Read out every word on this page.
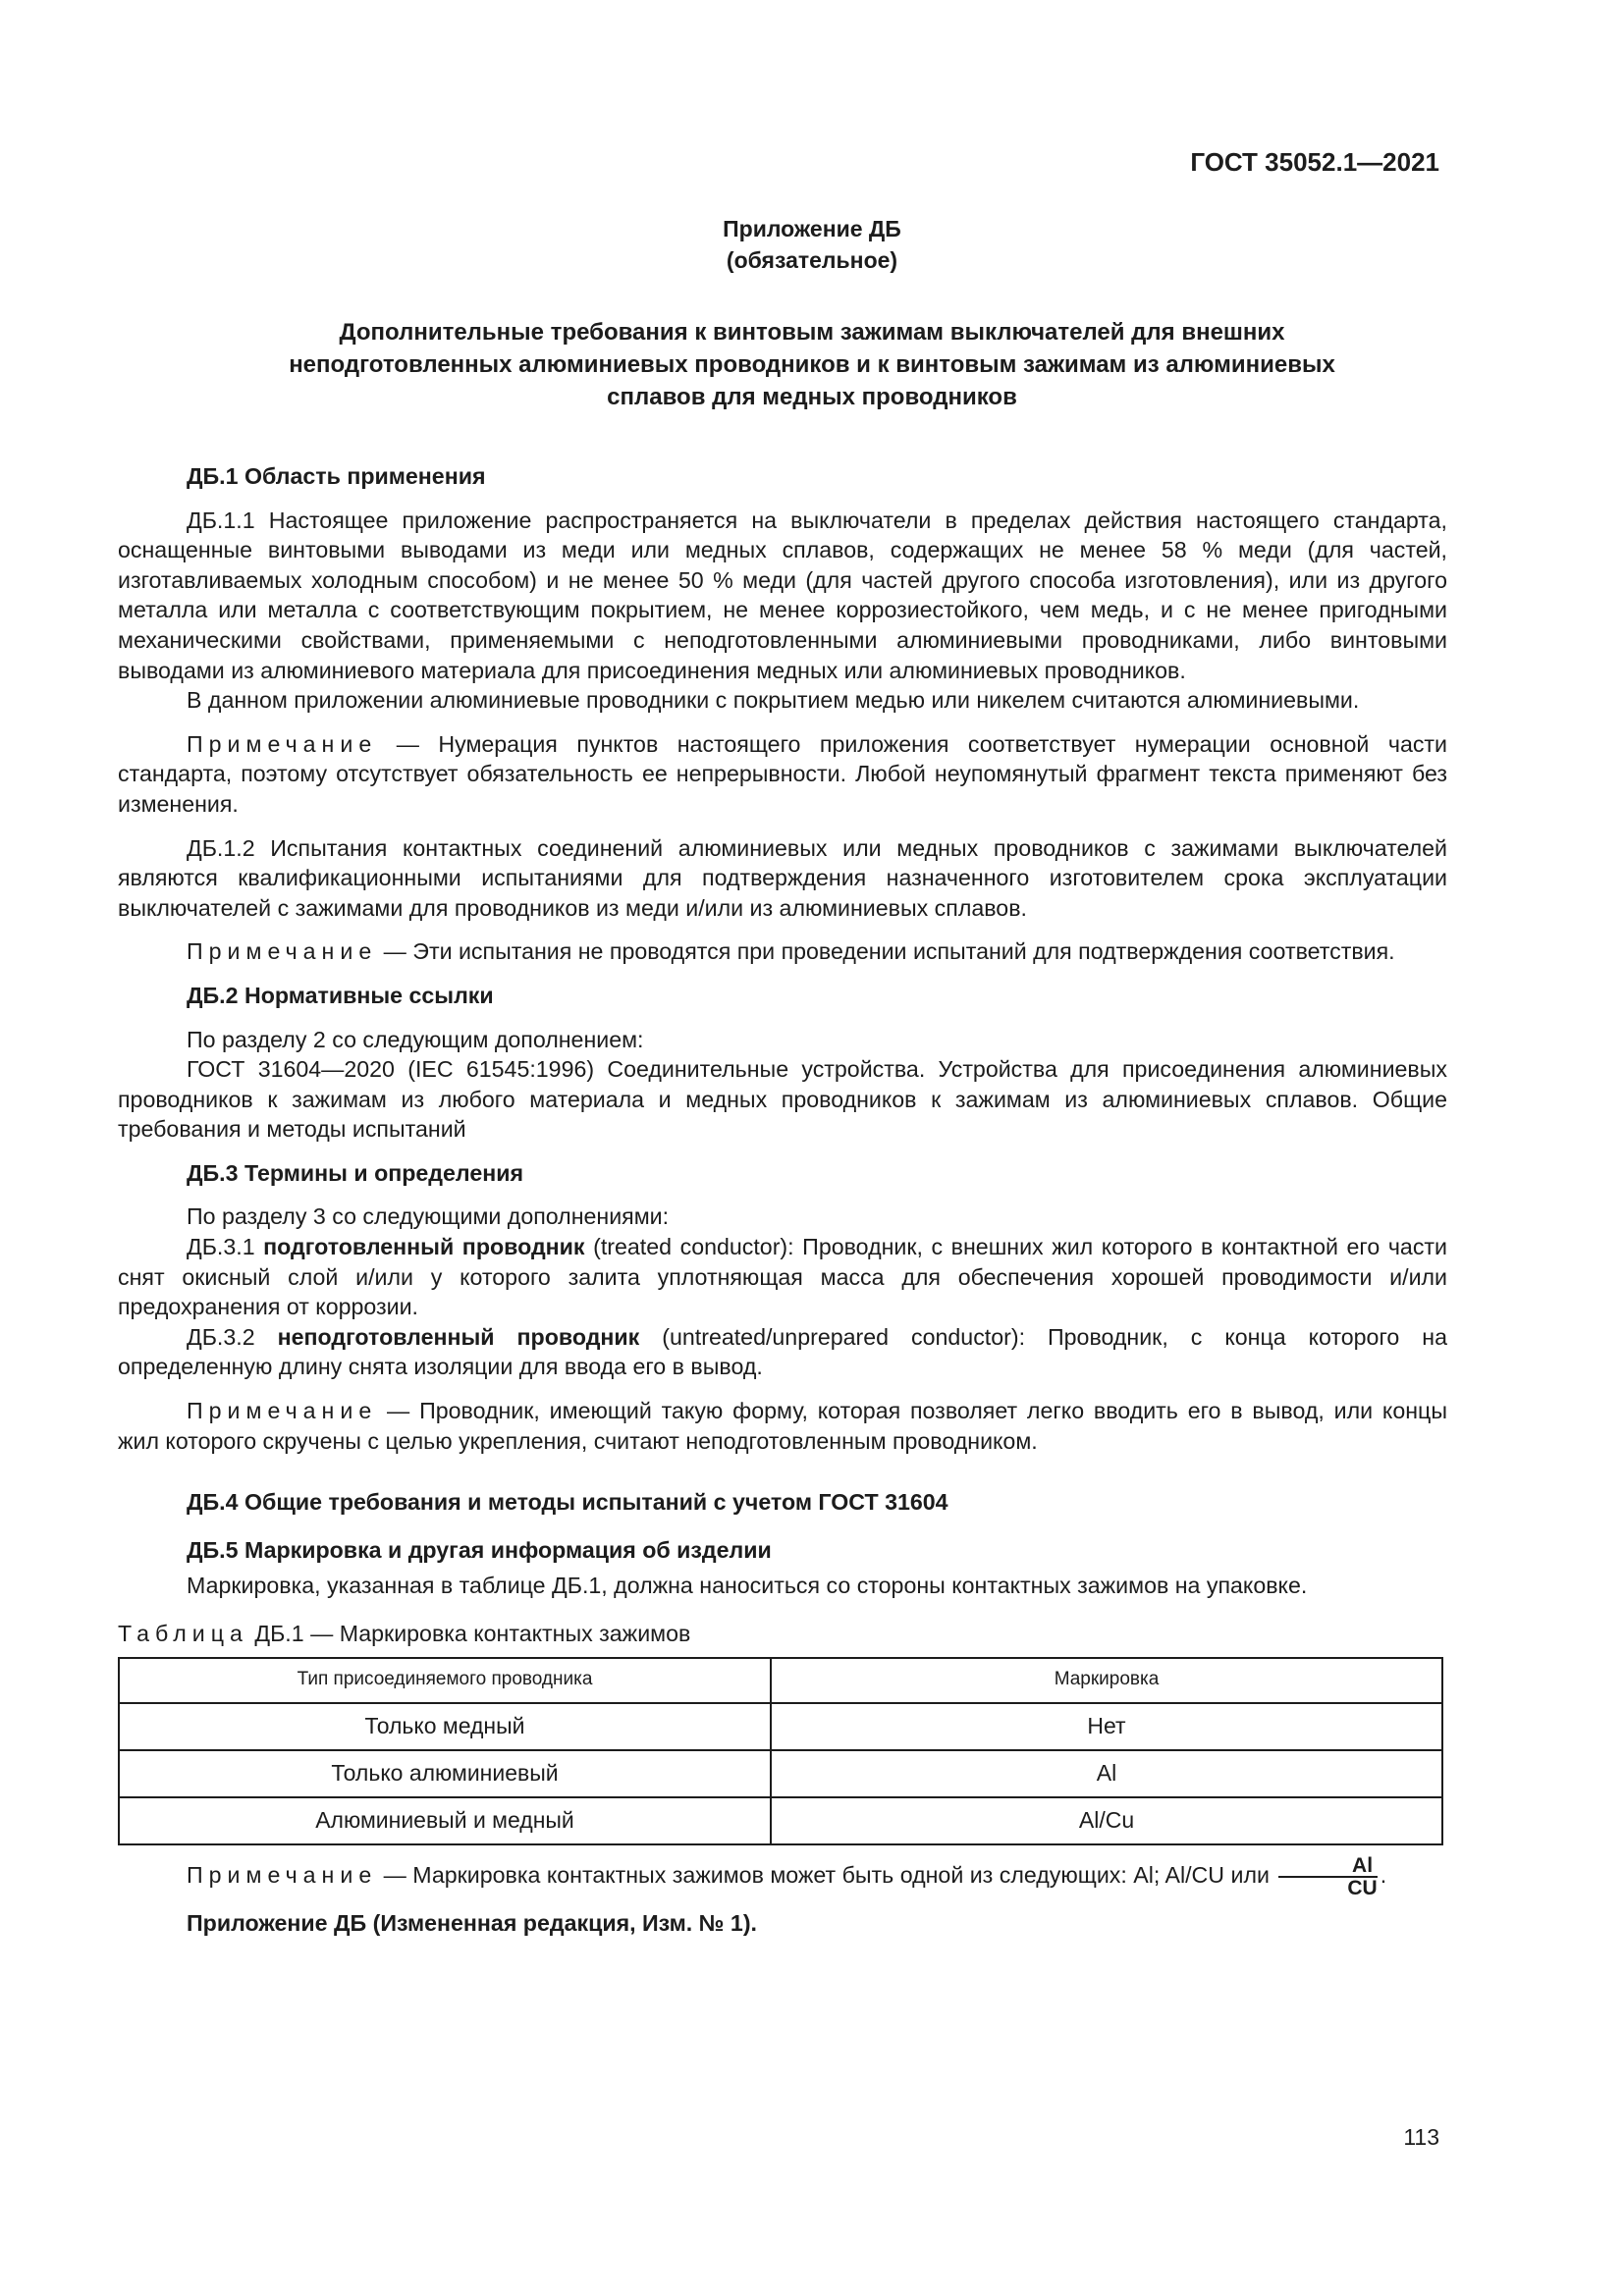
ГОСТ 35052.1—2021
Приложение ДБ
(обязательное)
Дополнительные требования к винтовым зажимам выключателей для внешних
неподготовленных алюминиевых проводников и к винтовым зажимам из алюминиевых
сплавов для медных проводников

ДБ.1 Область применения

ДБ.1.1 Настоящее приложение распространяется на выключатели в пределах действия настоящего стандарта, оснащенные винтовыми выводами из меди или медных сплавов, содержащих не менее 58 % меди (для частей, изготавливаемых холодным способом) и не менее 50 % меди (для частей другого способа изготовления), или из другого металла или металла с соответствующим покрытием, не менее коррозиестойкого, чем медь, и с не менее пригодными механическими свойствами, применяемыми с неподготовленными алюминиевыми проводниками, либо винтовыми выводами из алюминиевого материала для присоединения медных или алюминиевых проводников.

В данном приложении алюминиевые проводники с покрытием медью или никелем считаются алюминиевыми.

Примечание — Нумерация пунктов настоящего приложения соответствует нумерации основной части стандарта, поэтому отсутствует обязательность ее непрерывности. Любой неупомянутый фрагмент текста применяют без изменения.

ДБ.1.2 Испытания контактных соединений алюминиевых или медных проводников с зажимами выключателей являются квалификационными испытаниями для подтверждения назначенного изготовителем срока эксплуатации выключателей с зажимами для проводников из меди и/или из алюминиевых сплавов.

Примечание — Эти испытания не проводятся при проведении испытаний для подтверждения соответствия.

ДБ.2 Нормативные ссылки

По разделу 2 со следующим дополнением:

ГОСТ 31604—2020 (IEC 61545:1996) Соединительные устройства. Устройства для присоединения алюминиевых проводников к зажимам из любого материала и медных проводников к зажимам из алюминиевых сплавов. Общие требования и методы испытаний

ДБ.3 Термины и определения

По разделу 3 со следующими дополнениями:

ДБ.3.1 подготовленный проводник (treated conductor): Проводник, с внешних жил которого в контактной его части снят окисный слой и/или у которого залита уплотняющая масса для обеспечения хорошей проводимости и/или предохранения от коррозии.

ДБ.3.2 неподготовленный проводник (untreated/unprepared conductor): Проводник, с конца которого на определенную длину снята изоляции для ввода его в вывод.

Примечание — Проводник, имеющий такую форму, которая позволяет легко вводить его в вывод, или концы жил которого скручены с целью укрепления, считают неподготовленным проводником.

ДБ.4 Общие требования и методы испытаний с учетом ГОСТ 31604

ДБ.5 Маркировка и другая информация об изделии

Маркировка, указанная в таблице ДБ.1, должна наноситься со стороны контактных зажимов на упаковке.

Таблица ДБ.1 — Маркировка контактных зажимов

Тип присоединяемого проводника	Маркировка
Только медный	Нет
Только алюминиевый	Al
Алюминиевый и медный	Al/Cu

Примечание — Маркировка контактных зажимов может быть одной из следующих: Al; Al/CU или $\frac{Al}{CU}$ .

Приложение ДБ (Измененная редакция, Изм. № 1).

113
